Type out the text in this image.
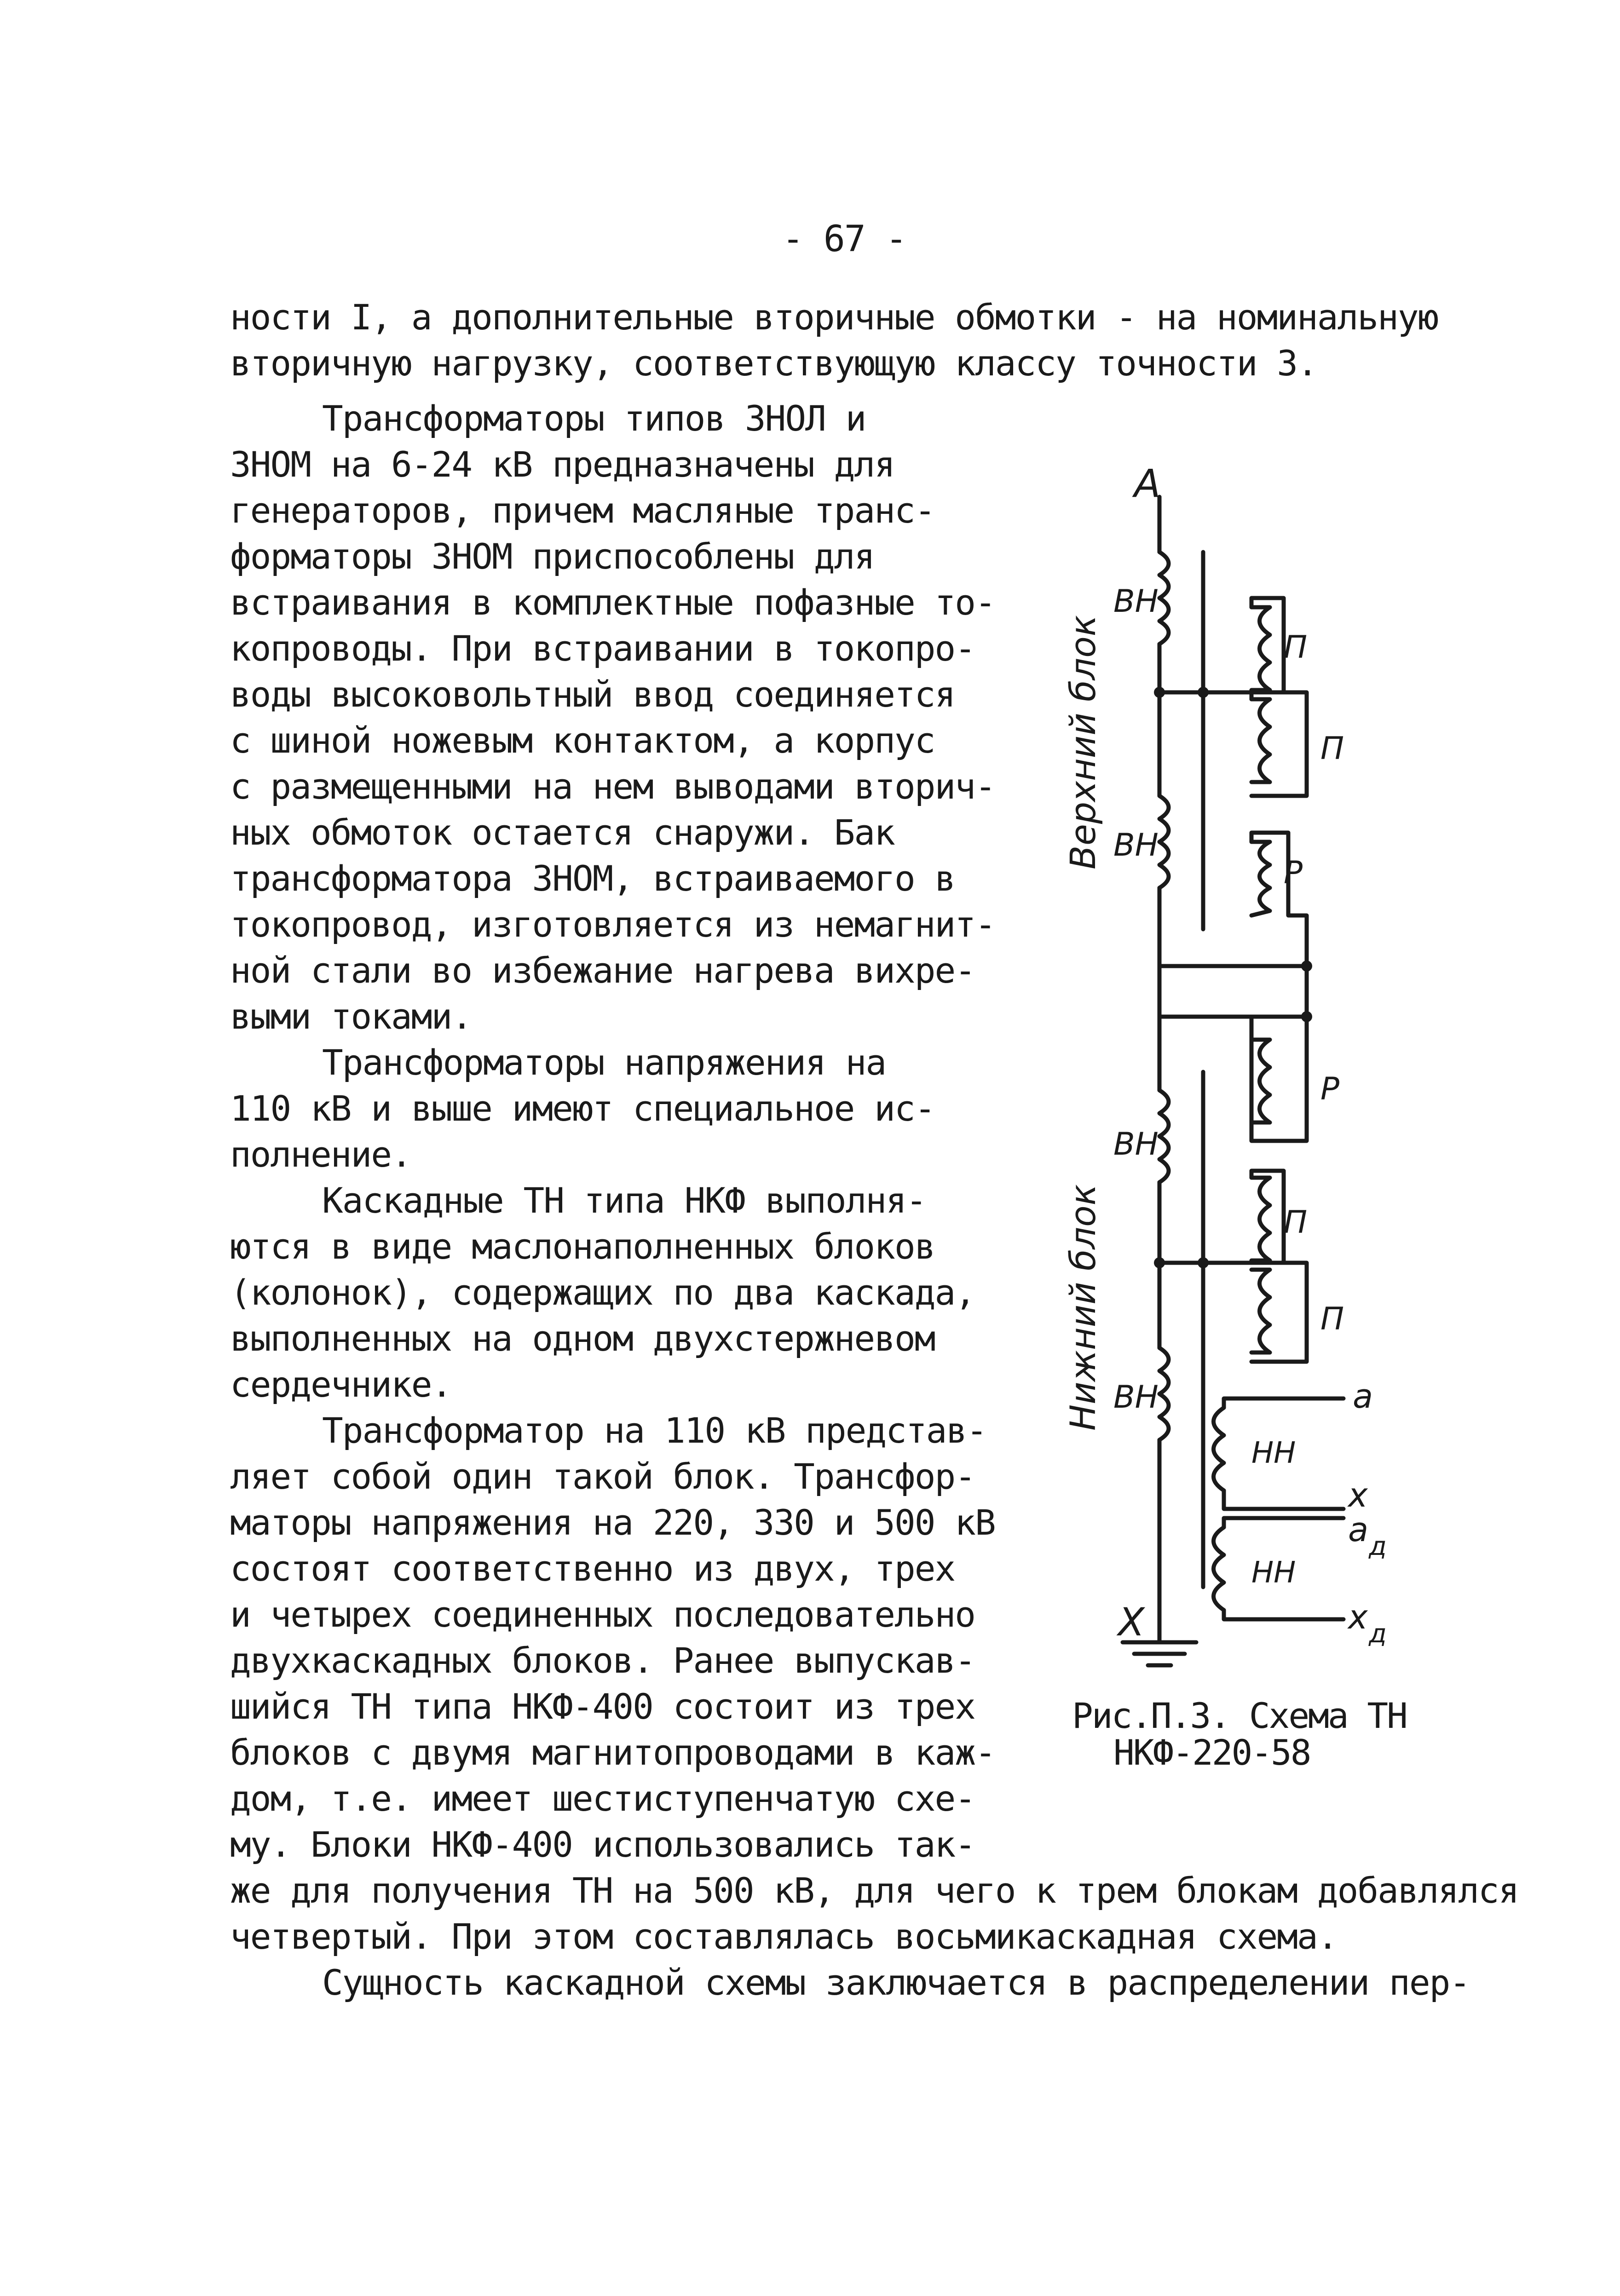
- 67 -
ности I, а дополнительные вторичные обмотки - на номинальную
вторичную нагрузку, соответствующую классу точности 3.
Трансформаторы типов ЗНОЛ и
ЗНОМ на 6-24 кВ предназначены для
генераторов, причем масляные транс-
форматоры ЗНОМ приспособлены для
встраивания в комплектные пофазные то-
копроводы. При встраивании в токопро-
воды высоковольтный ввод соединяется
с шиной ножевым контактом, а корпус
с размещенными на нем выводами вторич-
ных обмоток остается снаружи. Бак
трансформатора ЗНОМ, встраиваемого в
токопровод, изготовляется из немагнит-
ной стали во избежание нагрева вихре-
выми токами.
Трансформаторы напряжения на
110 кВ и выше имеют специальное ис-
полнение.
Каскадные ТН типа НКФ выполня-
ются в виде маслонаполненных блоков
(колонок), содержащих по два каскада,
выполненных на одном двухстержневом
сердечнике.
Трансформатор на 110 кВ представ-
ляет собой один такой блок. Трансфор-
маторы напряжения на 220, 330 и 500 кВ
состоят соответственно из двух, трех
и четырех соединенных последовательно
двухкаскадных блоков. Ранее выпускав-
шийся ТН типа НКФ-400 состоит из трех
блоков с двумя магнитопроводами в каж-
дом, т.е. имеет шестиступенчатую схе-
му. Блоки НКФ-400 использовались так-
же для получения ТН на 500 кВ, для чего к трем блокам добавлялся
четвертый. При этом составлялась восьмикаскадная схема.
Сущность каскадной схемы заключается в распределении пер-
А
Х
ВН
ВН
ВН
ВН
П
П
Р
Р
П
П
НН
НН
a
x
a д
x д
Верхний блок
Нижний блок
Рис.П.3. Схема ТН
НКФ-220-58
